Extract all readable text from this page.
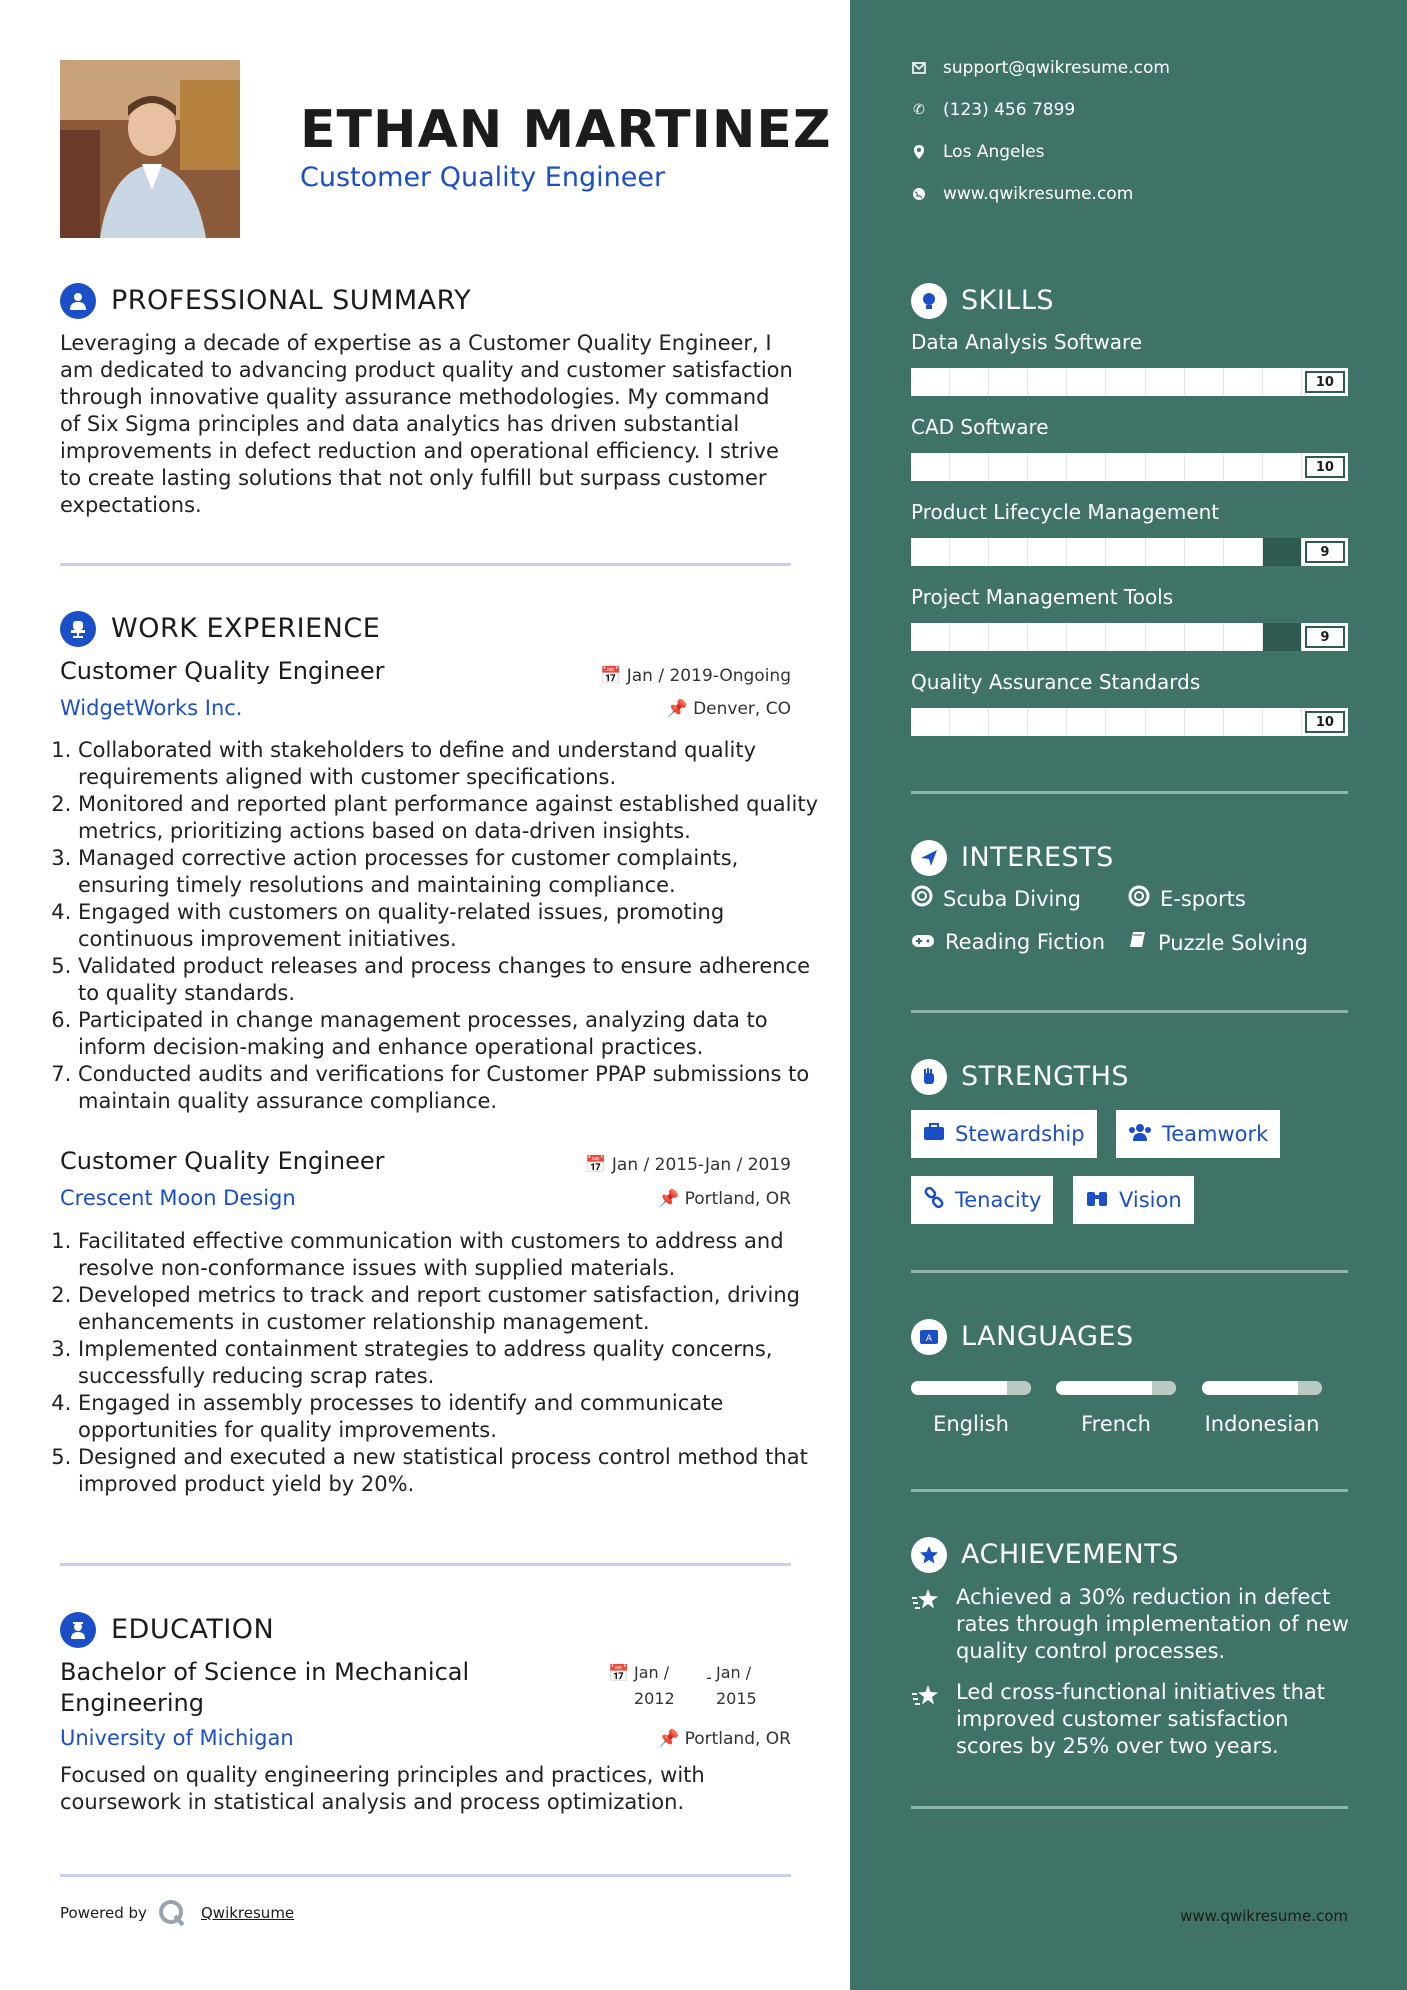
ETHAN MARTINEZ
Customer Quality Engineer
PROFESSIONAL SUMMARY
Leveraging a decade of expertise as a Customer Quality Engineer, I am dedicated to advancing product quality and customer satisfaction through innovative quality assurance methodologies. My command of Six Sigma principles and data analytics has driven substantial improvements in defect reduction and operational efficiency. I strive to create lasting solutions that not only fulfill but surpass customer expectations.
WORK EXPERIENCE
Customer Quality Engineer	📅 Jan / 2019-Ongoing
WidgetWorks Inc.	📌 Denver, CO
1. Collaborated with stakeholders to define and understand quality requirements aligned with customer specifications.
2. Monitored and reported plant performance against established quality metrics, prioritizing actions based on data-driven insights.
3. Managed corrective action processes for customer complaints, ensuring timely resolutions and maintaining compliance.
4. Engaged with customers on quality-related issues, promoting continuous improvement initiatives.
5. Validated product releases and process changes to ensure adherence to quality standards.
6. Participated in change management processes, analyzing data to inform decision-making and enhance operational practices.
7. Conducted audits and verifications for Customer PPAP submissions to maintain quality assurance compliance.
Customer Quality Engineer	📅 Jan / 2015-Jan / 2019
Crescent Moon Design	📌 Portland, OR
1. Facilitated effective communication with customers to address and resolve non-conformance issues with supplied materials.
2. Developed metrics to track and report customer satisfaction, driving enhancements in customer relationship management.
3. Implemented containment strategies to address quality concerns, successfully reducing scrap rates.
4. Engaged in assembly processes to identify and communicate opportunities for quality improvements.
5. Designed and executed a new statistical process control method that improved product yield by 20%.
EDUCATION
Bachelor of Science in Mechanical Engineering
📅 Jan /
2012
- Jan /
2015
University of Michigan	📌 Portland, OR
Focused on quality engineering principles and practices, with coursework in statistical analysis and process optimization.
Powered by	Qwikresume
support@qwikresume.com
✆ (123) 456 7899
Los Angeles
www.qwikresume.com
SKILLS
Data Analysis Software
10
CAD Software
10
Product Lifecycle Management
9
Project Management Tools
9
Quality Assurance Standards
10
INTERESTS
Scuba Diving	E-sports
Reading Fiction	Puzzle Solving
STRENGTHS
Stewardship	Teamwork
Tenacity	Vision
A LANGUAGES
English	French	Indonesian
ACHIEVEMENTS
Achieved a 30% reduction in defect rates through implementation of new quality control processes.
Led cross-functional initiatives that improved customer satisfaction scores by 25% over two years.
www.qwikresume.com
